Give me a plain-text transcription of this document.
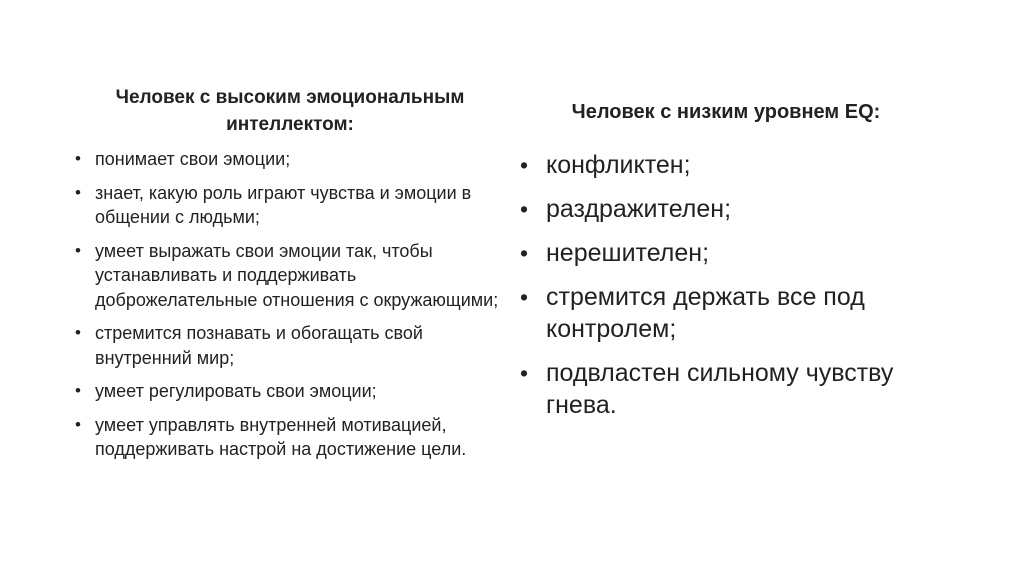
Человек с высоким эмоциональным интеллектом:
• понимает свои эмоции;
• знает, какую роль играют чувства и эмоции в общении с людьми;
• умеет выражать свои эмоции так, чтобы устанавливать и поддерживать доброжелательные отношения с окружающими;
• стремится познавать и обогащать свой внутренний мир;
• умеет регулировать свои эмоции;
• умеет управлять внутренней мотивацией, поддерживать настрой на достижение цели.
Человек с низким уровнем EQ:
• конфликтен;
• раздражителен;
• нерешителен;
• стремится держать все под контролем;
• подвластен сильному чувству гнева.
